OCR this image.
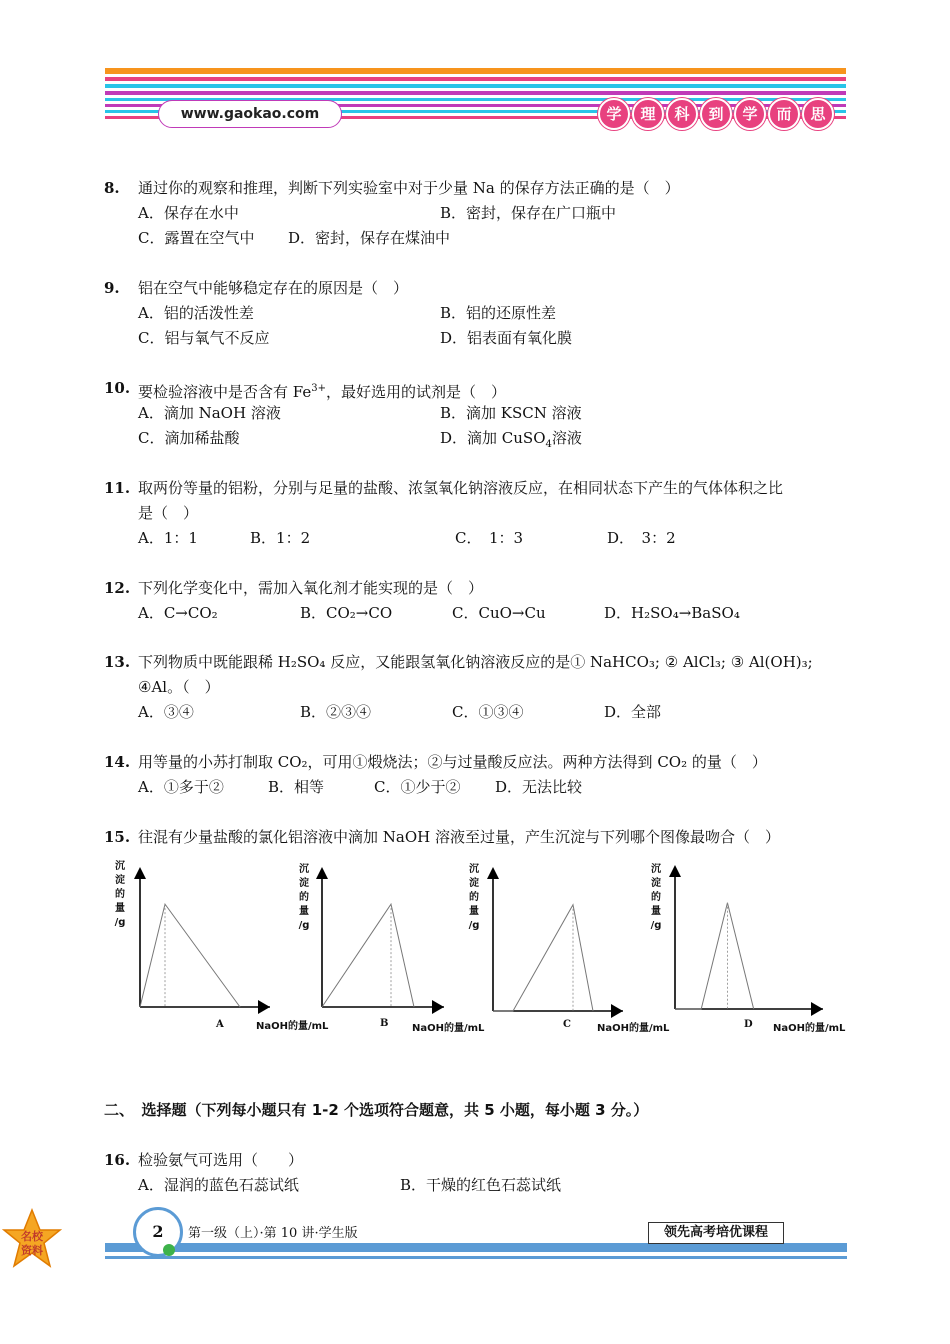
www.gaokao.com	学	理	科	到	学	而	思
8. 通过你的观察和推理，判断下列实验室中对于少量 Na 的保存方法正确的是（　）
A．保存在水中	B．密封，保存在广口瓶中
C．露置在空气中 D．密封，保存在煤油中
9. 铝在空气中能够稳定存在的原因是（　）
A．铝的活泼性差	B．铝的还原性差
C．铝与氧气不反应	D．铝表面有氧化膜
10. 要检验溶液中是否含有 $Fe^{3+}$，最好选用的试剂是（　）
A．滴加 NaOH 溶液	B．滴加 KSCN 溶液
C．滴加稀盐酸	D．滴加 CuSO$_4$溶液
11. 取两份等量的铝粉，分别与足量的盐酸、浓氢氧化钠溶液反应，在相同状态下产生的气体体积之比
是（　）
A．1：1	B．1：2	C．　1：3	D．　3：2
12. 下列化学变化中，需加入氧化剂才能实现的是（　）
A．C→CO₂	B．CO₂→CO	C．CuO→Cu	D．H₂SO₄→BaSO₄
13. 下列物质中既能跟稀 H₂SO₄ 反应，又能跟氢氧化钠溶液反应的是① NaHCO₃; ② AlCl₃; ③ Al(OH)₃;
④Al。（　）
A．③④	B．②③④	C．①③④	D．全部
14. 用等量的小苏打制取 CO₂，可用①煅烧法；②与过量酸反应法。两种方法得到 CO₂ 的量（　）
A．①多于②	B．相等	C．①少于② D．无法比较
15. 往混有少量盐酸的氯化铝溶液中滴加 NaOH 溶液至过量，产生沉淀与下列哪个图像最吻合（　）
沉
淀
的
量
/g
A	NaOH的量/mL
沉
淀
的
量
/g
B NaOH的量/mL
沉
淀
的
量
/g
C	NaOH的量/mL
沉
淀
的
量
/g
D NaOH的量/mL
二、　选择题（下列每小题只有 1-2 个选项符合题意，共 5 小题，每小题 3 分。）
16. 检验氨气可选用（　　）
A．湿润的蓝色石蕊试纸	B．干燥的红色石蕊试纸
名校
资料
2	第一级（上）·第 10 讲·学生版	领先高考培优课程
